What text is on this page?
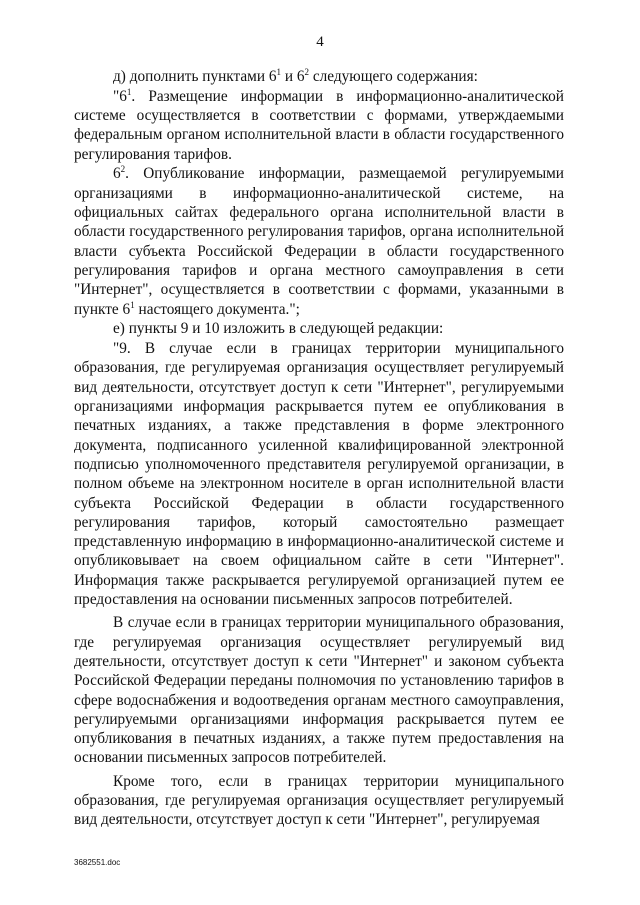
4

д) дополнить пунктами $6^1$ и $6^2$ следующего содержания:

"$6^1$. Размещение информации в информационно-аналитической системе осуществляется в соответствии с формами, утверждаемыми федеральным органом исполнительной власти в области государственного регулирования тарифов.

$6^2$. Опубликование информации, размещаемой регулируемыми организациями в информационно-аналитической системе, на официальных сайтах федерального органа исполнительной власти в области государственного регулирования тарифов, органа исполнительной власти субъекта Российской Федерации в области государственного регулирования тарифов и органа местного самоуправления в сети "Интернет", осуществляется в соответствии с формами, указанными в пункте $6^1$ настоящего документа.";

е) пункты 9 и 10 изложить в следующей редакции:

"9. В случае если в границах территории муниципального образования, где регулируемая организация осуществляет регулируемый вид деятельности, отсутствует доступ к сети "Интернет", регулируемыми организациями информация раскрывается путем ее опубликования в печатных изданиях, а также представления в форме электронного документа, подписанного усиленной квалифицированной электронной подписью уполномоченного представителя регулируемой организации, в полном объеме на электронном носителе в орган исполнительной власти субъекта Российской Федерации в области государственного регулирования тарифов, который самостоятельно размещает представленную информацию в информационно-аналитической системе и опубликовывает на своем официальном сайте в сети "Интернет". Информация также раскрывается регулируемой организацией путем ее предоставления на основании письменных запросов потребителей.

В случае если в границах территории муниципального образования, где регулируемая организация осуществляет регулируемый вид деятельности, отсутствует доступ к сети "Интернет" и законом субъекта Российской Федерации переданы полномочия по установлению тарифов в сфере водоснабжения и водоотведения органам местного самоуправления, регулируемыми организациями информация раскрывается путем ее опубликования в печатных изданиях, а также путем предоставления на основании письменных запросов потребителей.

Кроме того, если в границах территории муниципального образования, где регулируемая организация осуществляет регулируемый вид деятельности, отсутствует доступ к сети "Интернет", регулируемая

3682551.doc
